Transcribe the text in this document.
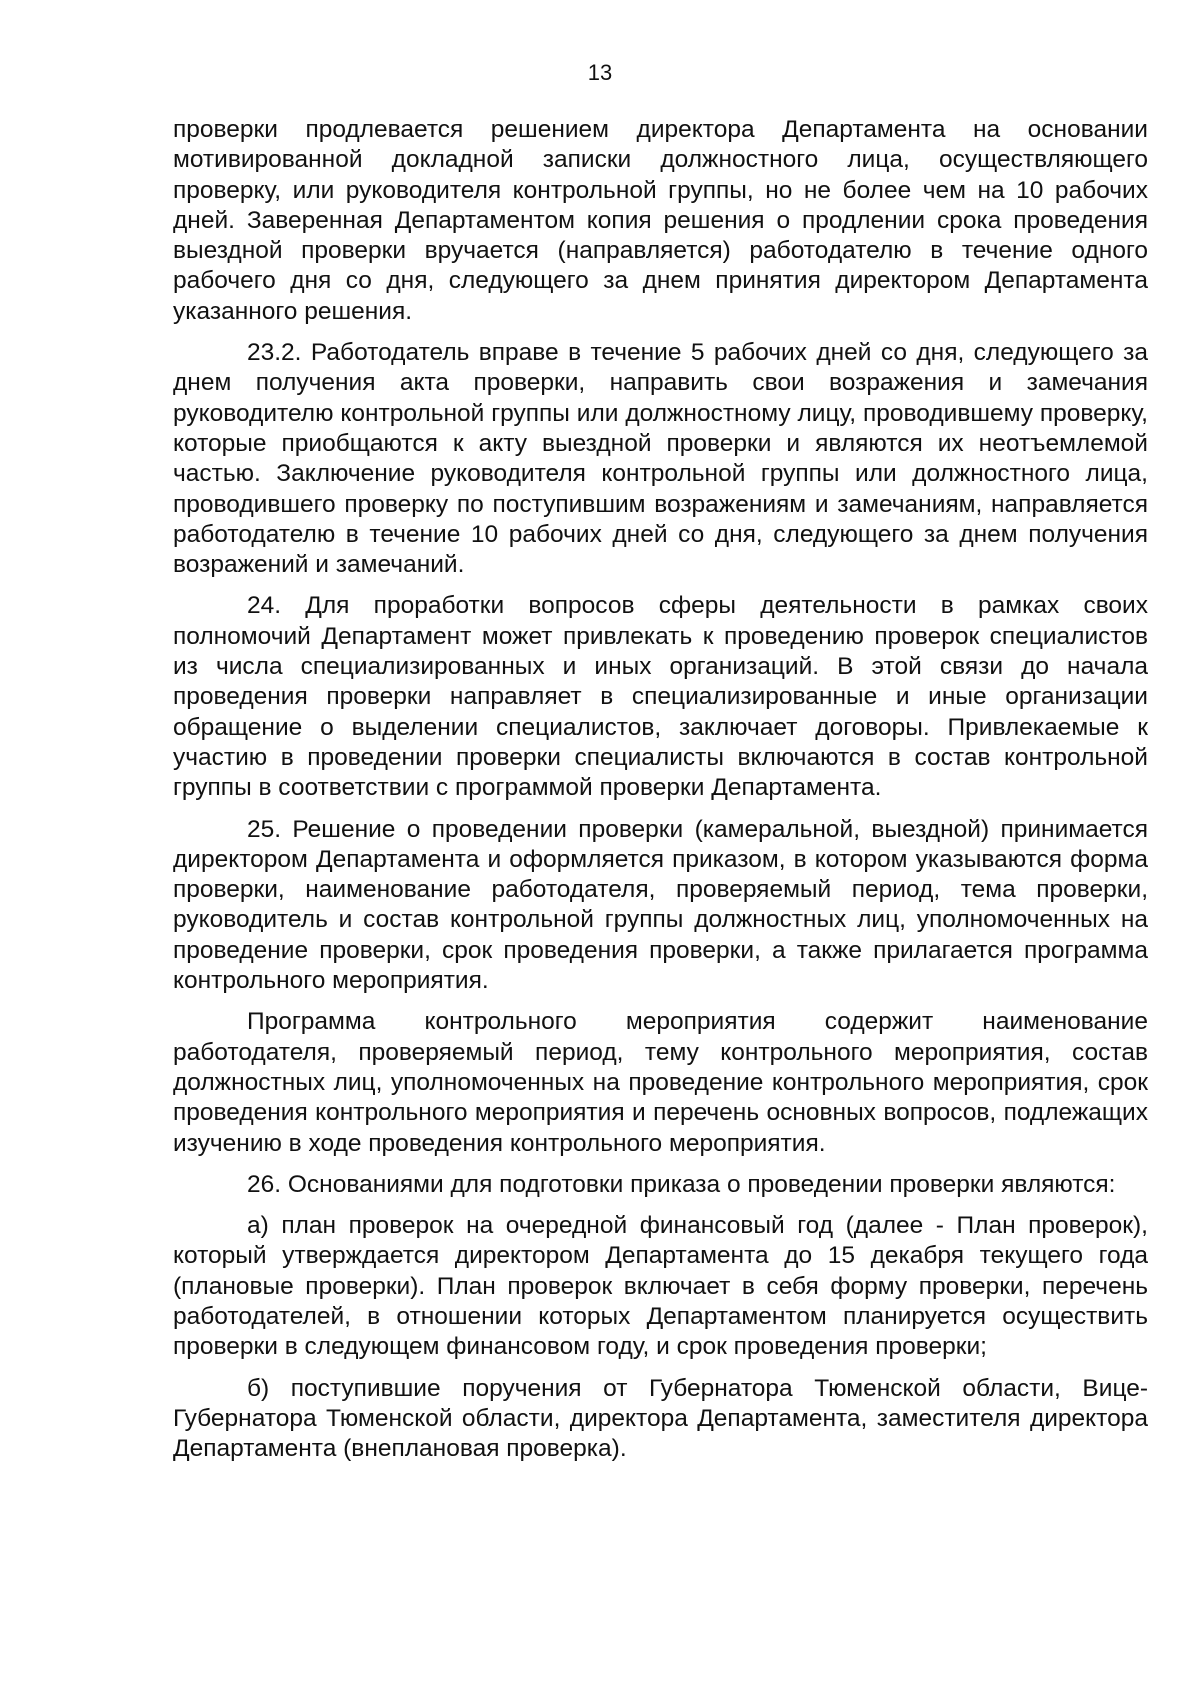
13

проверки продлевается решением директора Департамента на основании мотивированной докладной записки должностного лица, осуществляющего проверку, или руководителя контрольной группы, но не более чем на 10 рабочих дней. Заверенная Департаментом копия решения о продлении срока проведения выездной проверки вручается (направляется) работодателю в течение одного рабочего дня со дня, следующего за днем принятия директором Департамента указанного решения.

23.2. Работодатель вправе в течение 5 рабочих дней со дня, следующего за днем получения акта проверки, направить свои возражения и замечания руководителю контрольной группы или должностному лицу, проводившему проверку, которые приобщаются к акту выездной проверки и являются их неотъемлемой частью. Заключение руководителя контрольной группы или должностного лица, проводившего проверку по поступившим возражениям и замечаниям, направляется работодателю в течение 10 рабочих дней со дня, следующего за днем получения возражений и замечаний.

24. Для проработки вопросов сферы деятельности в рамках своих полномочий Департамент может привлекать к проведению проверок специалистов из числа специализированных и иных организаций. В этой связи до начала проведения проверки направляет в специализированные и иные организации обращение о выделении специалистов, заключает договоры. Привлекаемые к участию в проведении проверки специалисты включаются в состав контрольной группы в соответствии с программой проверки Департамента.

25. Решение о проведении проверки (камеральной, выездной) принимается директором Департамента и оформляется приказом, в котором указываются форма проверки, наименование работодателя, проверяемый период, тема проверки, руководитель и состав контрольной группы должностных лиц, уполномоченных на проведение проверки, срок проведения проверки, а также прилагается программа контрольного мероприятия.

Программа контрольного мероприятия содержит наименование работодателя, проверяемый период, тему контрольного мероприятия, состав должностных лиц, уполномоченных на проведение контрольного мероприятия, срок проведения контрольного мероприятия и перечень основных вопросов, подлежащих изучению в ходе проведения контрольного мероприятия.

26. Основаниями для подготовки приказа о проведении проверки являются:

а) план проверок на очередной финансовый год (далее - План проверок), который утверждается директором Департамента до 15 декабря текущего года (плановые проверки). План проверок включает в себя форму проверки, перечень работодателей, в отношении которых Департаментом планируется осуществить проверки в следующем финансовом году, и срок проведения проверки;

б) поступившие поручения от Губернатора Тюменской области, Вице-Губернатора Тюменской области, директора Департамента, заместителя директора Департамента (внеплановая проверка).
